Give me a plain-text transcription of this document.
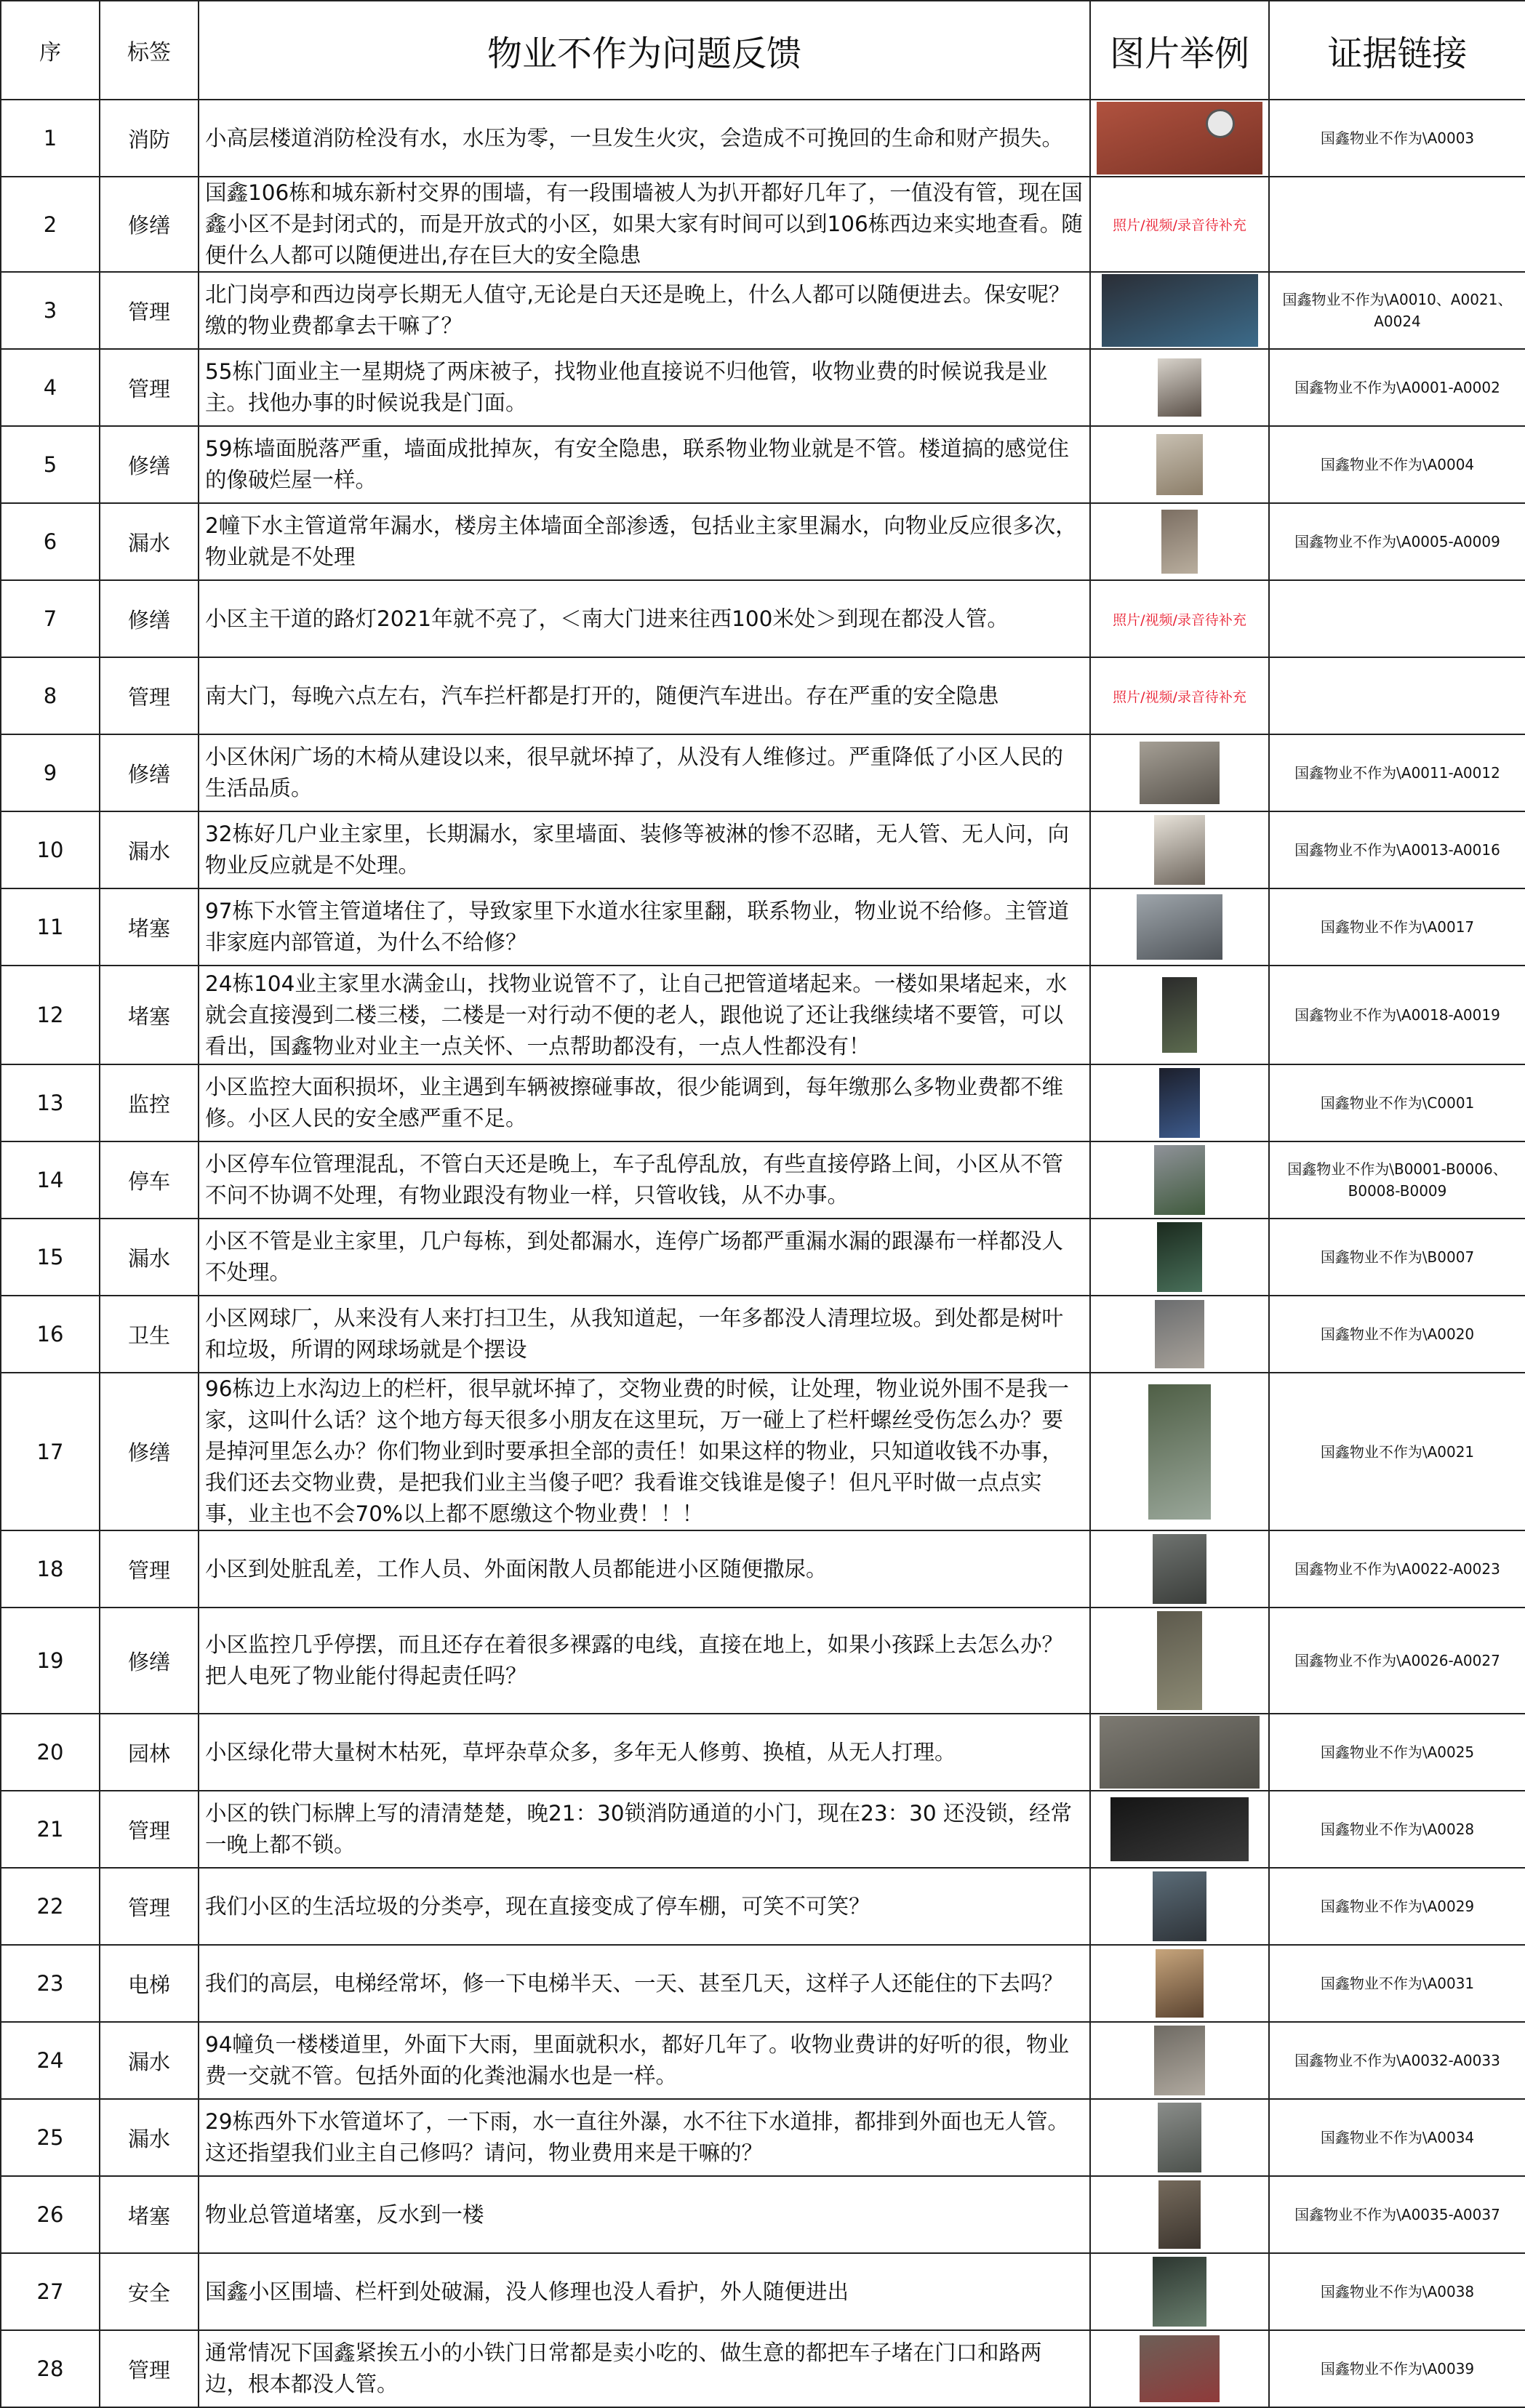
序	标签	物业不作为问题反馈	图片举例	证据链接
1	消防	小高层楼道消防栓没有水，水压为零，一旦发生火灾，会造成不可挽回的生命和财产损失。		国鑫物业不作为\A0003
2	修缮	国鑫106栋和城东新村交界的围墙，有一段围墙被人为扒开都好几年了，一值没有管，现在国鑫小区不是封闭式的，而是开放式的小区，如果大家有时间可以到106栋西边来实地查看。随便什么人都可以随便进出,存在巨大的安全隐患	照片/视频/录音待补充	
3	管理	北门岗亭和西边岗亭长期无人值守,无论是白天还是晚上，什么人都可以随便进去。保安呢？缴的物业费都拿去干嘛了？		国鑫物业不作为\A0010、A0021、A0024
4	管理	55栋门面业主一星期烧了两床被子，找物业他直接说不归他管，收物业费的时候说我是业主。找他办事的时候说我是门面。		国鑫物业不作为\A0001-A0002
5	修缮	59栋墙面脱落严重，墙面成批掉灰，有安全隐患，联系物业物业就是不管。楼道搞的感觉住的像破烂屋一样。		国鑫物业不作为\A0004
6	漏水	2幢下水主管道常年漏水，楼房主体墙面全部渗透，包括业主家里漏水，向物业反应很多次，物业就是不处理		国鑫物业不作为\A0005-A0009
7	修缮	小区主干道的路灯2021年就不亮了，＜南大门进来往西100米处＞到现在都没人管。	照片/视频/录音待补充	
8	管理	南大门，每晚六点左右，汽车拦杆都是打开的，随便汽车进出。存在严重的安全隐患	照片/视频/录音待补充	
9	修缮	小区休闲广场的木椅从建设以来，很早就坏掉了，从没有人维修过。严重降低了小区人民的生活品质。		国鑫物业不作为\A0011-A0012
10	漏水	32栋好几户业主家里，长期漏水，家里墙面、装修等被淋的惨不忍睹，无人管、无人问，向物业反应就是不处理。		国鑫物业不作为\A0013-A0016
11	堵塞	97栋下水管主管道堵住了，导致家里下水道水往家里翻，联系物业，物业说不给修。主管道非家庭内部管道，为什么不给修？		国鑫物业不作为\A0017
12	堵塞	24栋104业主家里水满金山，找物业说管不了，让自己把管道堵起来。一楼如果堵起来，水就会直接漫到二楼三楼，二楼是一对行动不便的老人，跟他说了还让我继续堵不要管，可以看出，国鑫物业对业主一点关怀、一点帮助都没有，一点人性都没有！		国鑫物业不作为\A0018-A0019
13	监控	小区监控大面积损坏，业主遇到车辆被擦碰事故，很少能调到，每年缴那么多物业费都不维修。小区人民的安全感严重不足。		国鑫物业不作为\C0001
14	停车	小区停车位管理混乱，不管白天还是晚上，车子乱停乱放，有些直接停路上间，小区从不管不问不协调不处理，有物业跟没有物业一样，只管收钱，从不办事。		国鑫物业不作为\B0001-B0006、B0008-B0009
15	漏水	小区不管是业主家里，几户每栋，到处都漏水，连停广场都严重漏水漏的跟瀑布一样都没人不处理。		国鑫物业不作为\B0007
16	卫生	小区网球厂，从来没有人来打扫卫生，从我知道起，一年多都没人清理垃圾。到处都是树叶和垃圾，所谓的网球场就是个摆设		国鑫物业不作为\A0020
17	修缮	96栋边上水沟边上的栏杆，很早就坏掉了，交物业费的时候，让处理，物业说外围不是我一家，这叫什么话？这个地方每天很多小朋友在这里玩，万一碰上了栏杆螺丝受伤怎么办？要是掉河里怎么办？你们物业到时要承担全部的责任！如果这样的物业，只知道收钱不办事，我们还去交物业费，是把我们业主当傻子吧？我看谁交钱谁是傻子！但凡平时做一点点实事，业主也不会70%以上都不愿缴这个物业费！！！		国鑫物业不作为\A0021
18	管理	小区到处脏乱差，工作人员、外面闲散人员都能进小区随便撒尿。		国鑫物业不作为\A0022-A0023
19	修缮	小区监控几乎停摆，而且还存在着很多裸露的电线，直接在地上，如果小孩踩上去怎么办？把人电死了物业能付得起责任吗？		国鑫物业不作为\A0026-A0027
20	园林	小区绿化带大量树木枯死，草坪杂草众多，多年无人修剪、换植，从无人打理。		国鑫物业不作为\A0025
21	管理	小区的铁门标牌上写的清清楚楚，晚21：30锁消防通道的小门，现在23：30 还没锁，经常一晚上都不锁。		国鑫物业不作为\A0028
22	管理	我们小区的生活垃圾的分类亭，现在直接变成了停车棚，可笑不可笑？		国鑫物业不作为\A0029
23	电梯	我们的高层，电梯经常坏，修一下电梯半天、一天、甚至几天，这样子人还能住的下去吗？		国鑫物业不作为\A0031
24	漏水	94幢负一楼楼道里，外面下大雨，里面就积水，都好几年了。收物业费讲的好听的很，物业费一交就不管。包括外面的化粪池漏水也是一样。		国鑫物业不作为\A0032-A0033
25	漏水	29栋西外下水管道坏了，一下雨，水一直往外瀑，水不往下水道排，都排到外面也无人管。这还指望我们业主自己修吗？请问，物业费用来是干嘛的？		国鑫物业不作为\A0034
26	堵塞	物业总管道堵塞，反水到一楼		国鑫物业不作为\A0035-A0037
27	安全	国鑫小区围墙、栏杆到处破漏，没人修理也没人看护，外人随便进出		国鑫物业不作为\A0038
28	管理	通常情况下国鑫紧挨五小的小铁门日常都是卖小吃的、做生意的都把车子堵在门口和路两边，根本都没人管。		国鑫物业不作为\A0039
